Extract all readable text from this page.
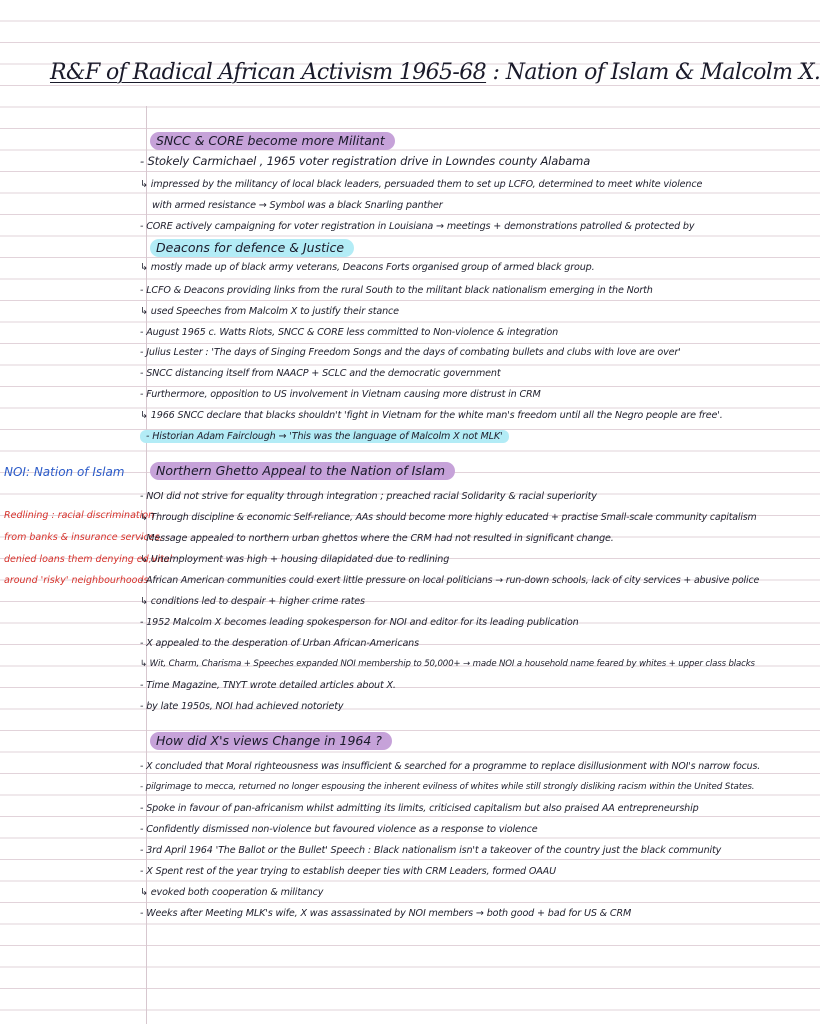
R&F of Radical African Activism 1965-68 : Nation of Islam & Malcolm X.
NOI: Nation of Islam
Redlining : racial discrimination
from banks & insurance services,
denied loans them denying ed,vital
around 'risky' neighbourhoods
SNCC & CORE become more Militant
- Stokely Carmichael , 1965 voter registration drive in Lowndes county Alabama
↳ impressed by the militancy of local black leaders, persuaded them to set up LCFO, determined to meet white violence
with armed resistance → Symbol was a black Snarling panther
- CORE actively campaigning for voter registration in Louisiana → meetings + demonstrations patrolled & protected by
Deacons for defence & Justice
↳ mostly made up of black army veterans, Deacons Forts organised group of armed black group.
- LCFO & Deacons providing links from the rural South to the militant black nationalism emerging in the North
↳ used Speeches from Malcolm X to justify their stance
- August 1965 c. Watts Riots, SNCC & CORE less committed to Non-violence & integration
- Julius Lester : 'The days of Singing Freedom Songs and the days of combating bullets and clubs with love are over'
- SNCC distancing itself from NAACP + SCLC and the democratic government
- Furthermore, opposition to US involvement in Vietnam causing more distrust in CRM
↳ 1966 SNCC declare that blacks shouldn't 'fight in Vietnam for the white man's freedom until all the Negro people are free'.
- Historian Adam Fairclough → 'This was the language of Malcolm X not MLK'
Northern Ghetto Appeal to the Nation of Islam
- NOI did not strive for equality through integration ; preached racial Solidarity & racial superiority
↳ Through discipline & economic Self-reliance, AAs should become more highly educated + practise Small-scale community capitalism
- Message appealed to northern urban ghettos where the CRM had not resulted in significant change.
↳ Unemployment was high + housing dilapidated due to redlining
- African American communities could exert little pressure on local politicians → run-down schools, lack of city services + abusive police
↳ conditions led to despair + higher crime rates
- 1952 Malcolm X becomes leading spokesperson for NOI and editor for its leading publication
- X appealed to the desperation of Urban African-Americans
↳ Wit, Charm, Charisma + Speeches expanded NOI membership to 50,000+ → made NOI a household name feared by whites + upper class blacks
- Time Magazine, TNYT wrote detailed articles about X.
- by late 1950s, NOI had achieved notoriety
How did X's views Change in 1964 ?
- X concluded that Moral righteousness was insufficient & searched for a programme to replace disillusionment with NOI's narrow focus.
- pilgrimage to mecca, returned no longer espousing the inherent evilness of whites while still strongly disliking racism within the United States.
- Spoke in favour of pan-africanism whilst admitting its limits, criticised capitalism but also praised AA entrepreneurship
- Confidently dismissed non-violence but favoured violence as a response to violence
- 3rd April 1964 'The Ballot or the Bullet' Speech : Black nationalism isn't a takeover of the country just the black community
- X Spent rest of the year trying to establish deeper ties with CRM Leaders, formed OAAU
↳ evoked both cooperation & militancy
- Weeks after Meeting MLK's wife, X was assassinated by NOI members → both good + bad for US & CRM
